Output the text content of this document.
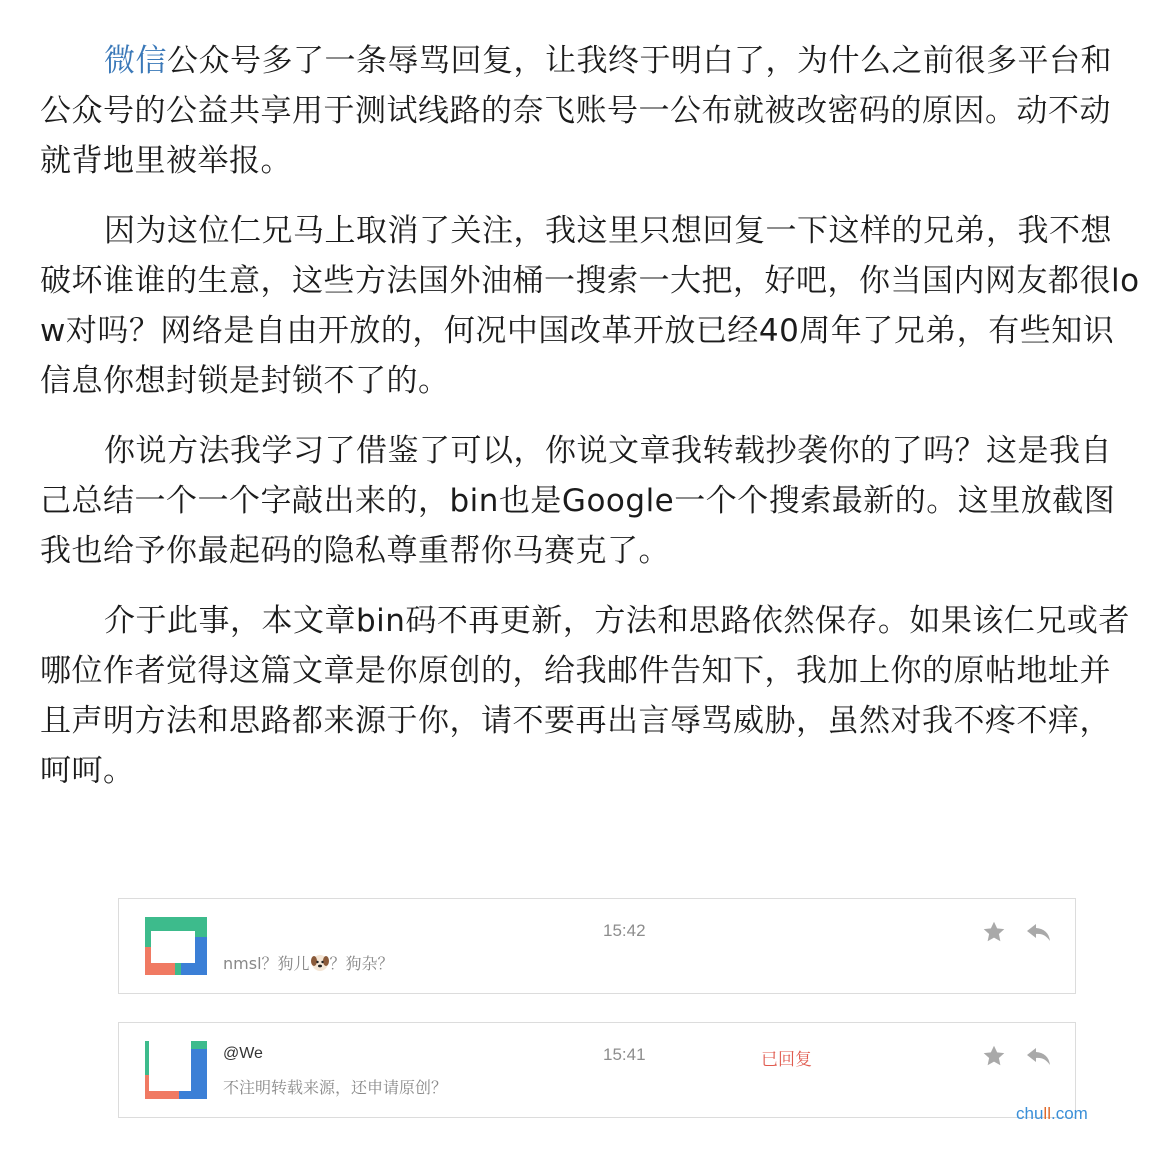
微信公众号多了一条辱骂回复，让我终于明白了，为什么之前很多平台和公众号的公益共享用于测试线路的奈飞账号一公布就被改密码的原因。动不动就背地里被举报。

因为这位仁兄马上取消了关注，我这里只想回复一下这样的兄弟，我不想破坏谁谁的生意，这些方法国外油桶一搜索一大把，好吧，你当国内网友都很low对吗？网络是自由开放的，何况中国改革开放已经40周年了兄弟，有些知识信息你想封锁是封锁不了的。

你说方法我学习了借鉴了可以，你说文章我转载抄袭你的了吗？这是我自己总结一个一个字敲出来的，bin也是Google一个个搜索最新的。这里放截图我也给予你最起码的隐私尊重帮你马赛克了。

介于此事，本文章bin码不再更新，方法和思路依然保存。如果该仁兄或者哪位作者觉得这篇文章是你原创的，给我邮件告知下，我加上你的原帖地址并且声明方法和思路都来源于你，请不要再出言辱骂威胁，虽然对我不疼不痒，呵呵。

nmsl？狗儿 ？狗杂？
15:42
@We
不注明转载来源，还申请原创？
15:41	已回复
chull.com
